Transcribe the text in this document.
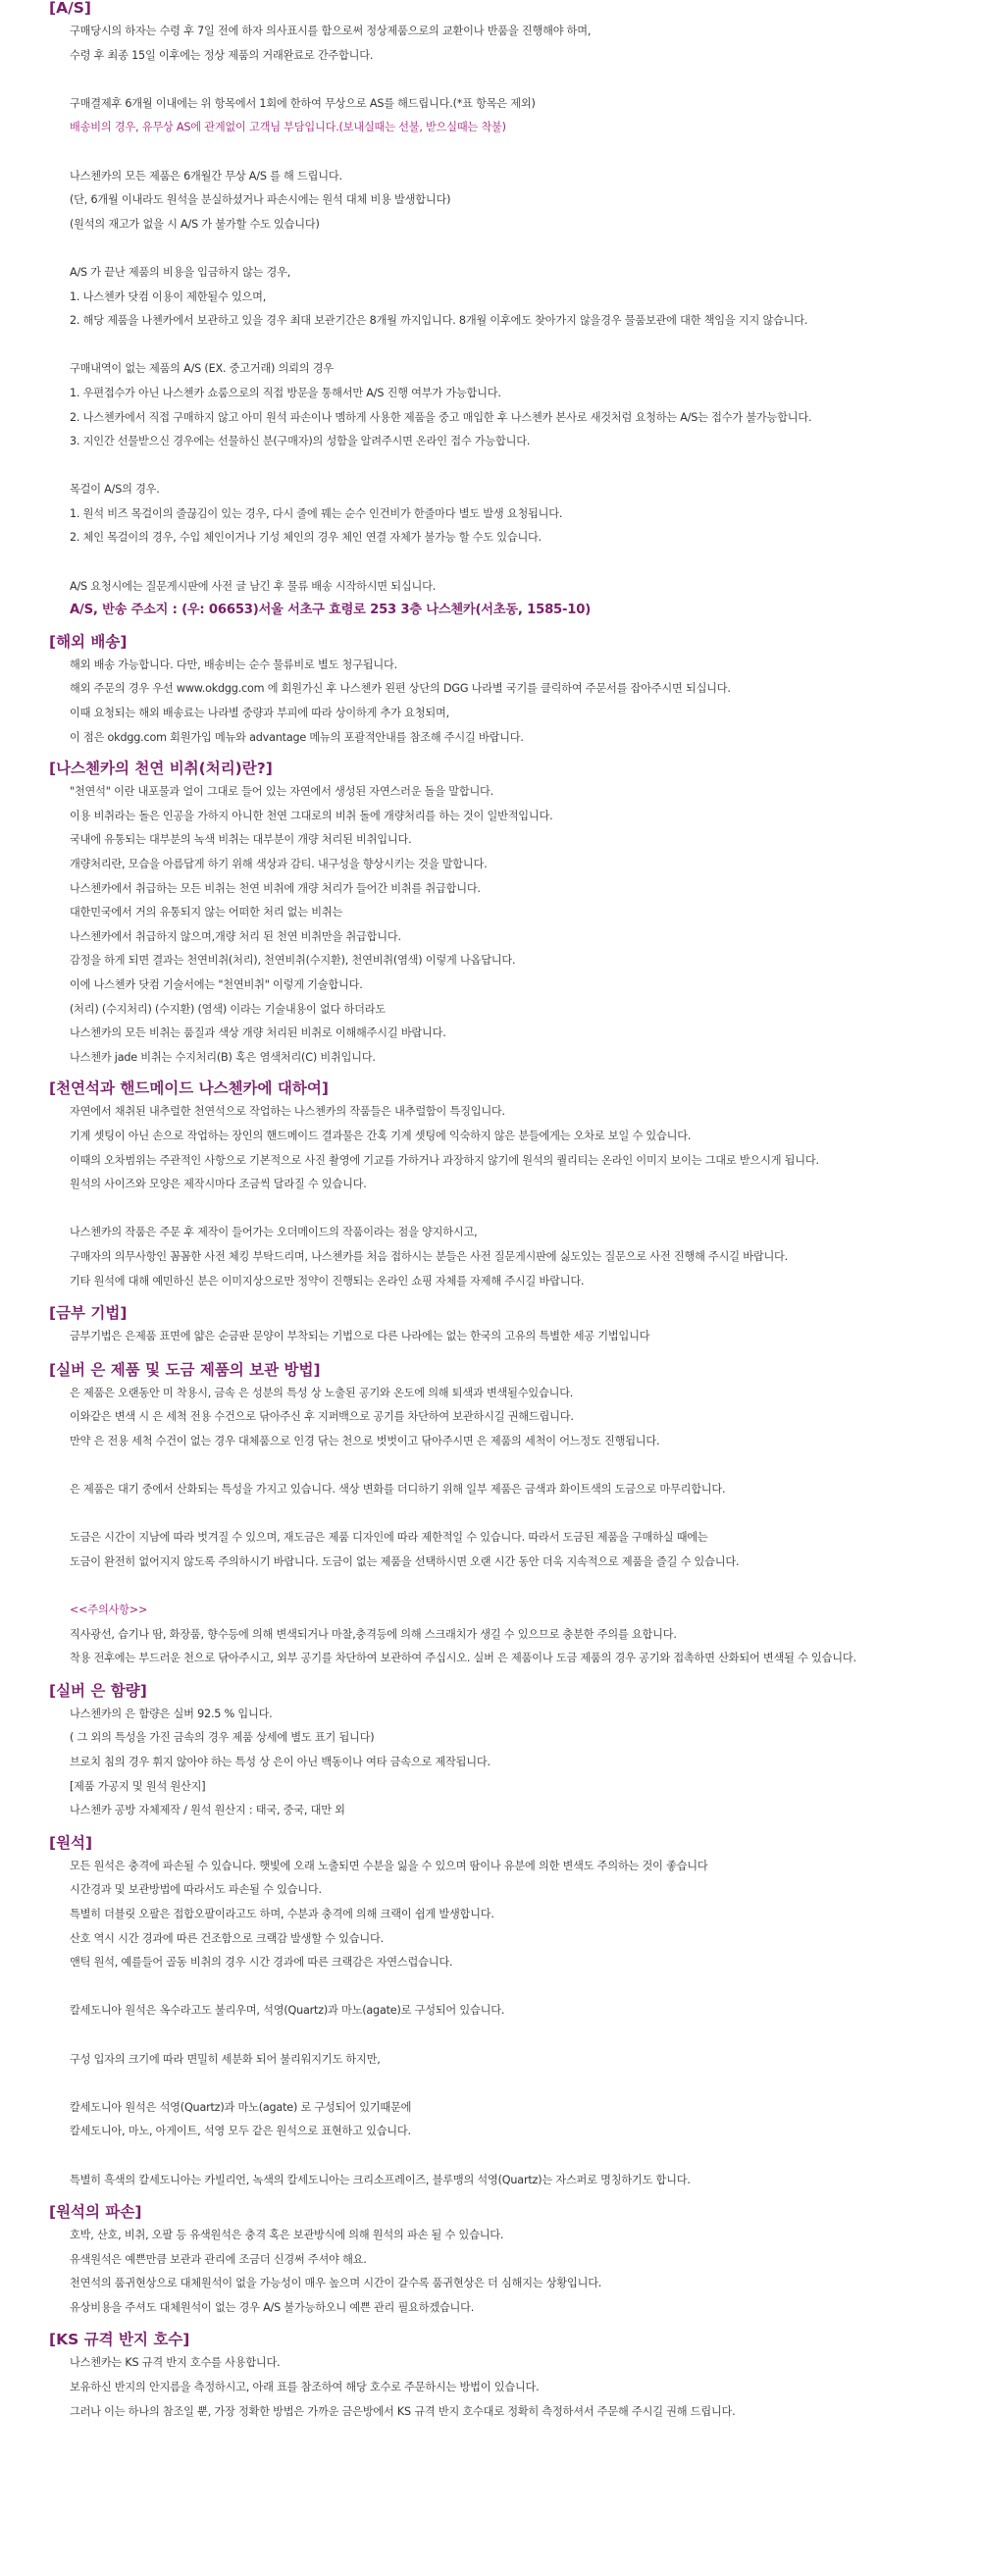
[A/S]
구매당시의 하자는 수령 후 7일 전에 하자 의사표시를 함으로써 정상제품으로의 교환이나 반품을 진행해야 하며,
수령 후 최종 15일 이후에는 정상 제품의 거래완료로 간주합니다.
구매결제후 6개월 이내에는 위 항목에서 1회에 한하여 무상으로 AS를 해드립니다.(*표 항목은 제외)
배송비의 경우, 유무상 AS에 관계없이 고객님 부담입니다.(보내실때는 선불, 받으실때는 착불)
나스첸카의 모든 제품은 6개월간 무상 A/S 를 해 드립니다.
(단, 6개월 이내라도 원석을 분실하셨거나 파손시에는 원석 대체 비용 발생합니다)
(원석의 재고가 없을 시 A/S 가 불가할 수도 있습니다)
A/S 가 끝난 제품의 비용을 입금하지 않는 경우,
1. 나스첸카 닷컴 이용이 제한될수 있으며,
2. 해당 제품을 나첸카에서 보관하고 있을 경우 최대 보관기간은 8개월 까지입니다. 8개월 이후에도 찾아가지 않을경우 물품보관에 대한 책임을 지지 않습니다.
구매내역이 없는 제품의 A/S (EX. 중고거래) 의뢰의 경우
1. 우편접수가 아닌 나스첸카 쇼룸으로의 직접 방문을 통해서만 A/S 진행 여부가 가능합니다.
2. 나스첸카에서 직접 구매하지 않고 아미 원석 파손이나 멤하게 사용한 제품을 중고 매입한 후 나스첸카 본사로 새것처럼 요청하는 A/S는 접수가 불가능합니다.
3. 지인간 선물받으신 경우에는 선물하신 분(구매자)의 성함을 알려주시면 온라인 접수 가능합니다.
목걸이 A/S의 경우.
1. 원석 비즈 목걸이의 줄끊김이 있는 경우, 다시 줄에 꿰는 순수 인건비가 한줄마다 별도 발생 요청됩니다.
2. 체인 목걸이의 경우, 수입 체인이거나 기성 체인의 경우 체인 연결 자체가 불가능 할 수도 있습니다.
A/S 요청시에는 질문게시판에 사전 글 남긴 후 물류 배송 시작하시면 되십니다.
A/S, 반송 주소지 : (우: 06653)서울 서초구 효령로 253 3층 나스첸카(서초동, 1585-10)
[해외 배송]
해외 배송 가능합니다. 다만, 배송비는 순수 물류비로 별도 청구됩니다.
해외 주문의 경우 우선 www.okdgg.com 에 회원가신 후 나스첸카 왼편 상단의 DGG 나라별 국기를 클릭하여 주문서를 잡아주시면 되십니다.
이때 요청되는 해외 배송료는 나라별 중량과 부피에 따라 상이하게 추가 요청되며,
이 점은 okdgg.com 회원가입 메뉴와 advantage 메뉴의 포괄적안내를 참조해 주시길 바랍니다.
[나스첸카의 천연 비취(처리)란?]
"천연석" 이란 내포물과 얼이 그대로 들어 있는 자연에서 생성된 자연스러운 돌을 말합니다.
이용 비취라는 돌은 인공을 가하지 아니한 천연 그대로의 비취 돌에 개량처리를 하는 것이 일반적입니다.
국내에 유통되는 대부분의 녹색 비취는 대부분이 개량 처리된 비취입니다.
개량처리란, 모습을 아름답게 하기 위해 색상과 감티. 내구성을 향상시키는 것을 말합니다.
나스첸카에서 취급하는 모든 비취는 천연 비취에 개량 처리가 들어간 비취를 취급합니다.
대한민국에서 거의 유통되지 않는 어떠한 처리 없는 비취는
나스첸카에서 취급하지 않으며,개량 처리 된 천연 비취만을 취급합니다.
감정을 하게 되면 결과는 천연비취(처리), 천연비취(수지환), 천연비취(염색) 이렇게 나옵답니다.
이에 나스첸카 닷컴 기술서에는 "천연비취" 이렇게 기술합니다.
(처리) (수지처리) (수지환) (염색) 이라는 기술내용이 없다 하더라도
나스첸카의 모든 비취는 품질과 색상 개량 처리된 비취로 이해해주시길 바랍니다.
나스첸카 jade 비취는 수지처리(B) 혹은 염색처리(C) 비취입니다.
[천연석과 핸드메이드 나스첸카에 대하여]
자연에서 채취된 내추럴한 천연석으로 작업하는 나스첸카의 작품들은 내추럴함이 특징입니다.
기계 셋팅이 아닌 손으로 작업하는 장인의 핸드메이드 결과물은 간혹 기계 셋팅에 익숙하지 않은 분들에게는 오차로 보일 수 있습니다.
이때의 오차범위는 주관적인 사항으로 기본적으로 사진 촬영에 기교를 가하거나 과장하지 않기에 원석의 퀄리티는 온라인 이미지 보이는 그대로 받으시게 됩니다.
원석의 사이즈와 모양은 제작시마다 조금씩 달라질 수 있습니다.
나스첸카의 작품은 주문 후 제작이 들어가는 오더메이드의 작품이라는 점을 양지하시고,
구매자의 의무사항인 꼼꼼한 사전 체킹 부탁드리며, 나스첸카를 처음 접하시는 분들은 사전 질문게시판에 싫도있는 질문으로 사전 진행해 주시길 바랍니다.
기타 원석에 대해 예민하신 분은 이미지상으로만 정약이 진행되는 온라인 쇼핑 자체를 자제해 주시길 바랍니다.
[금부 기법]
금부기법은 은제품 표면에 얇은 순금판 문양이 부착되는 기법으로 다른 나라에는 없는 한국의 고유의 특별한 세공 기법입니다
[실버 은 제품 및 도금 제품의 보관 방법]
은 제품은 오랜동안 미 착용시, 금속 은 성분의 특성 상 노출된 공기와 온도에 의해 퇴색과 변색될수있습니다.
이와같은 변색 시 은 세척 전용 수건으로 닦아주신 후 지퍼백으로 공기를 차단하여 보관하시길 권해드립니다.
만약 은 전용 세척 수건이 없는 경우 대체품으로 인경 닦는 천으로 벗벗이고 닦아주시면 은 제품의 세척이 어느정도 진행됩니다.
은 제품은 대기 중에서 산화되는 특성을 가지고 있습니다. 색상 변화를 더디하기 위해 일부 제품은 금색과 화이트색의 도금으로 마무리합니다.
도금은 시간이 지남에 따라 벗겨질 수 있으며, 재도금은 제품 디자인에 따라 제한적일 수 있습니다. 따라서 도금된 제품을 구매하실 때에는
도금이 완전히 없어지지 않도록 주의하시기 바랍니다. 도금이 없는 제품을 선택하시면 오랜 시간 동안 더욱 지속적으로 제품을 즐길 수 있습니다.
<<주의사항>>
직사광선, 습기나 땀, 화장품, 향수등에 의해 변색되거나 마찰,충격등에 의해 스크래치가 생길 수 있으므로 충분한 주의를 요합니다.
착용 전후에는 부드러운 천으로 닦아주시고, 외부 공기를 차단하여 보관하여 주십시오. 실버 은 제품이나 도금 제품의 경우 공기와 접촉하면 산화되어 변색될 수 있습니다.
[실버 은 함량]
나스첸카의 은 함량은 실버 92.5 % 입니다.
( 그 외의 특성을 가진 금속의 경우 제품 상세에 별도 표기 됩니다)
브로치 침의 경우 휘지 않아야 하는 특성 상 은이 아닌 백동이나 여타 금속으로 제작됩니다.
[제품 가공지 및 원석 원산지]
나스첸카 공방 자체제작 / 원석 원산지 : 태국, 중국, 대만 외
[원석]
모든 원석은 충격에 파손될 수 있습니다. 햇빛에 오래 노출되면 수분을 잃을 수 있으며 땀이나 유분에 의한 변색도 주의하는 것이 좋습니다
시간경과 및 보관방법에 따라서도 파손될 수 있습니다.
특별히 더블릿 오팔은 접합오팔이라고도 하며, 수분과 충격에 의해 크랙이 쉽게 발생합니다.
산호 역시 시간 경과에 따른 건조함으로 크랙감 발생할 수 있습니다.
앤틱 원석, 예를들어 골동 비취의 경우 시간 경과에 따른 크랙감은 자연스럽습니다.
칼세도니아 원석은 옥수라고도 불리우며, 석영(Quartz)과 마노(agate)로 구성되어 있습니다.
구성 입자의 크기에 따라 면밀히 세분화 되어 불리워지기도 하지만,
칼세도니아 원석은 석영(Quartz)과 마노(agate) 로 구성되어 있기때문에
칼세도니아, 마노, 아게이트, 석영 모두 같은 원석으로 표현하고 있습니다.
특별히 흑색의 칼세도니아는 카빌리언, 녹색의 칼세도니아는 크리소프레이즈, 블루맹의 석영(Quartz)는 자스퍼로 명칭하기도 합니다.
[원석의 파손]
호박, 산호, 비취, 오팔 등 유색원석은 충격 혹은 보관방식에 의해 원석의 파손 될 수 있습니다.
유색원석은 예쁜만큼 보관과 관리에 조금더 신경써 주셔야 해요.
천연석의 품귀현상으로 대체원석이 없을 가능성이 매우 높으며 시간이 갈수록 품귀현상은 더 심해지는 상황입니다.
유상비용을 주셔도 대체원석이 없는 경우 A/S 불가능하오니 예쁜 관리 필요하겠습니다.
[KS 규격 반지 호수]
나스첸카는 KS 규격 반지 호수를 사용합니다.
보유하신 반지의 안지름을 측정하시고, 아래 표를 참조하여 해당 호수로 주문하시는 방법이 있습니다.
그러나 이는 하나의 참조일 뿐, 가장 정확한 방법은 가까운 금은방에서 KS 규격 반지 호수대로 정확히 측정하셔서 주문해 주시길 권해 드립니다.
